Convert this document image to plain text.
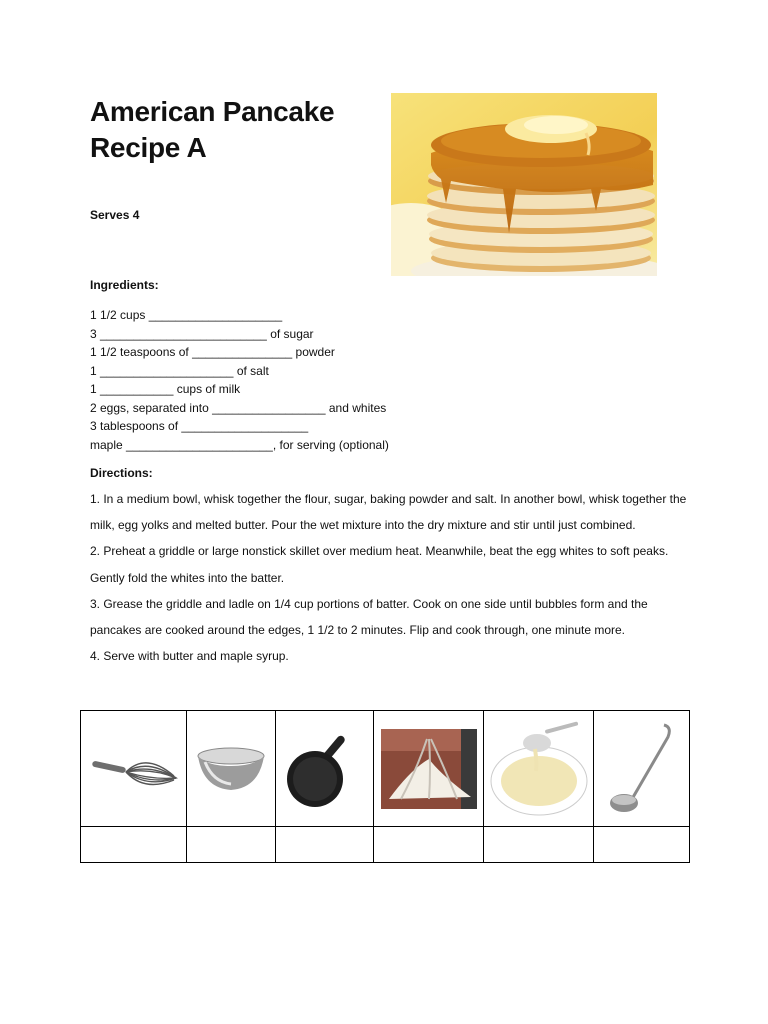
American Pancake
Recipe A
Serves 4
Ingredients:
1 1/2 cups ____________________
3 _________________________ of sugar
1 1/2 teaspoons of _______________ powder
1 ____________________ of salt
1 ___________ cups of milk
2 eggs, separated into _________________ and whites
3 tablespoons of ___________________
maple ______________________, for serving (optional)
Directions:

1. In a medium bowl, whisk together the flour, sugar, baking powder and salt. In another bowl, whisk together the milk, egg yolks and melted butter. Pour the wet mixture into the dry mixture and stir until just combined.

2. Preheat a griddle or large nonstick skillet over medium heat. Meanwhile, beat the egg whites to soft peaks. Gently fold the whites into the batter.

3. Grease the griddle and ladle on 1/4 cup portions of batter. Cook on one side until bubbles form and the pancakes are cooked around the edges, 1 1/2 to 2 minutes. Flip and cook through, one minute more.

4. Serve with butter and maple syrup.
